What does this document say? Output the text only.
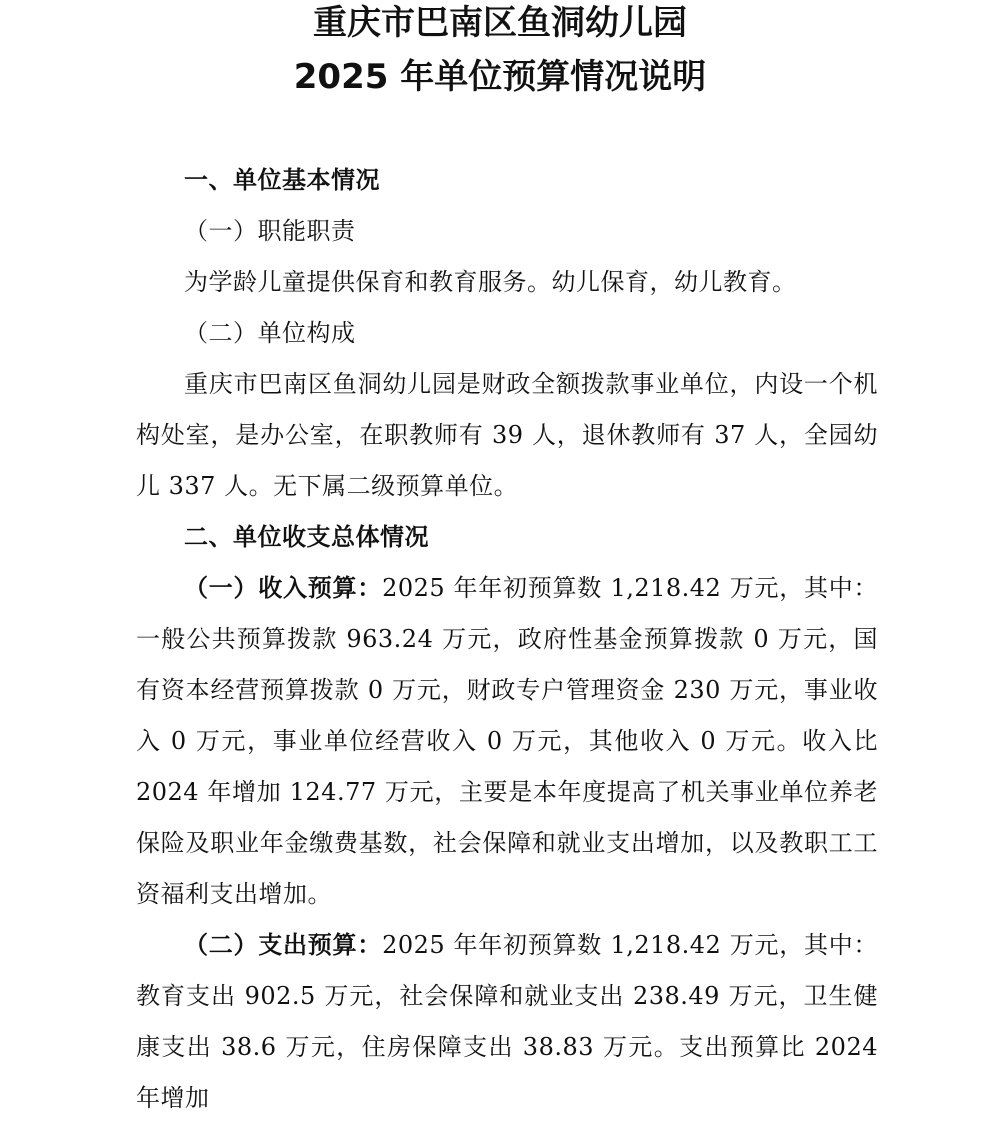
重庆市巴南区鱼洞幼儿园
2025 年单位预算情况说明

一、单位基本情况

（一）职能职责

为学龄儿童提供保育和教育服务。幼儿保育，幼儿教育。

（二）单位构成

重庆市巴南区鱼洞幼儿园是财政全额拨款事业单位，内设一个机构处室，是办公室，在职教师有 39 人，退休教师有 37 人，全园幼儿 337 人。无下属二级预算单位。

二、单位收支总体情况

（一）收入预算：2025 年年初预算数 1,218.42 万元，其中：一般公共预算拨款 963.24 万元，政府性基金预算拨款 0 万元，国有资本经营预算拨款 0 万元，财政专户管理资金 230 万元，事业收入 0 万元，事业单位经营收入 0 万元，其他收入 0 万元。收入比 2024 年增加 124.77 万元，主要是本年度提高了机关事业单位养老保险及职业年金缴费基数，社会保障和就业支出增加，以及教职工工资福利支出增加。

（二）支出预算：2025 年年初预算数 1,218.42 万元，其中：教育支出 902.5 万元，社会保障和就业支出 238.49 万元，卫生健康支出 38.6 万元，住房保障支出 38.83 万元。支出预算比 2024 年增加
